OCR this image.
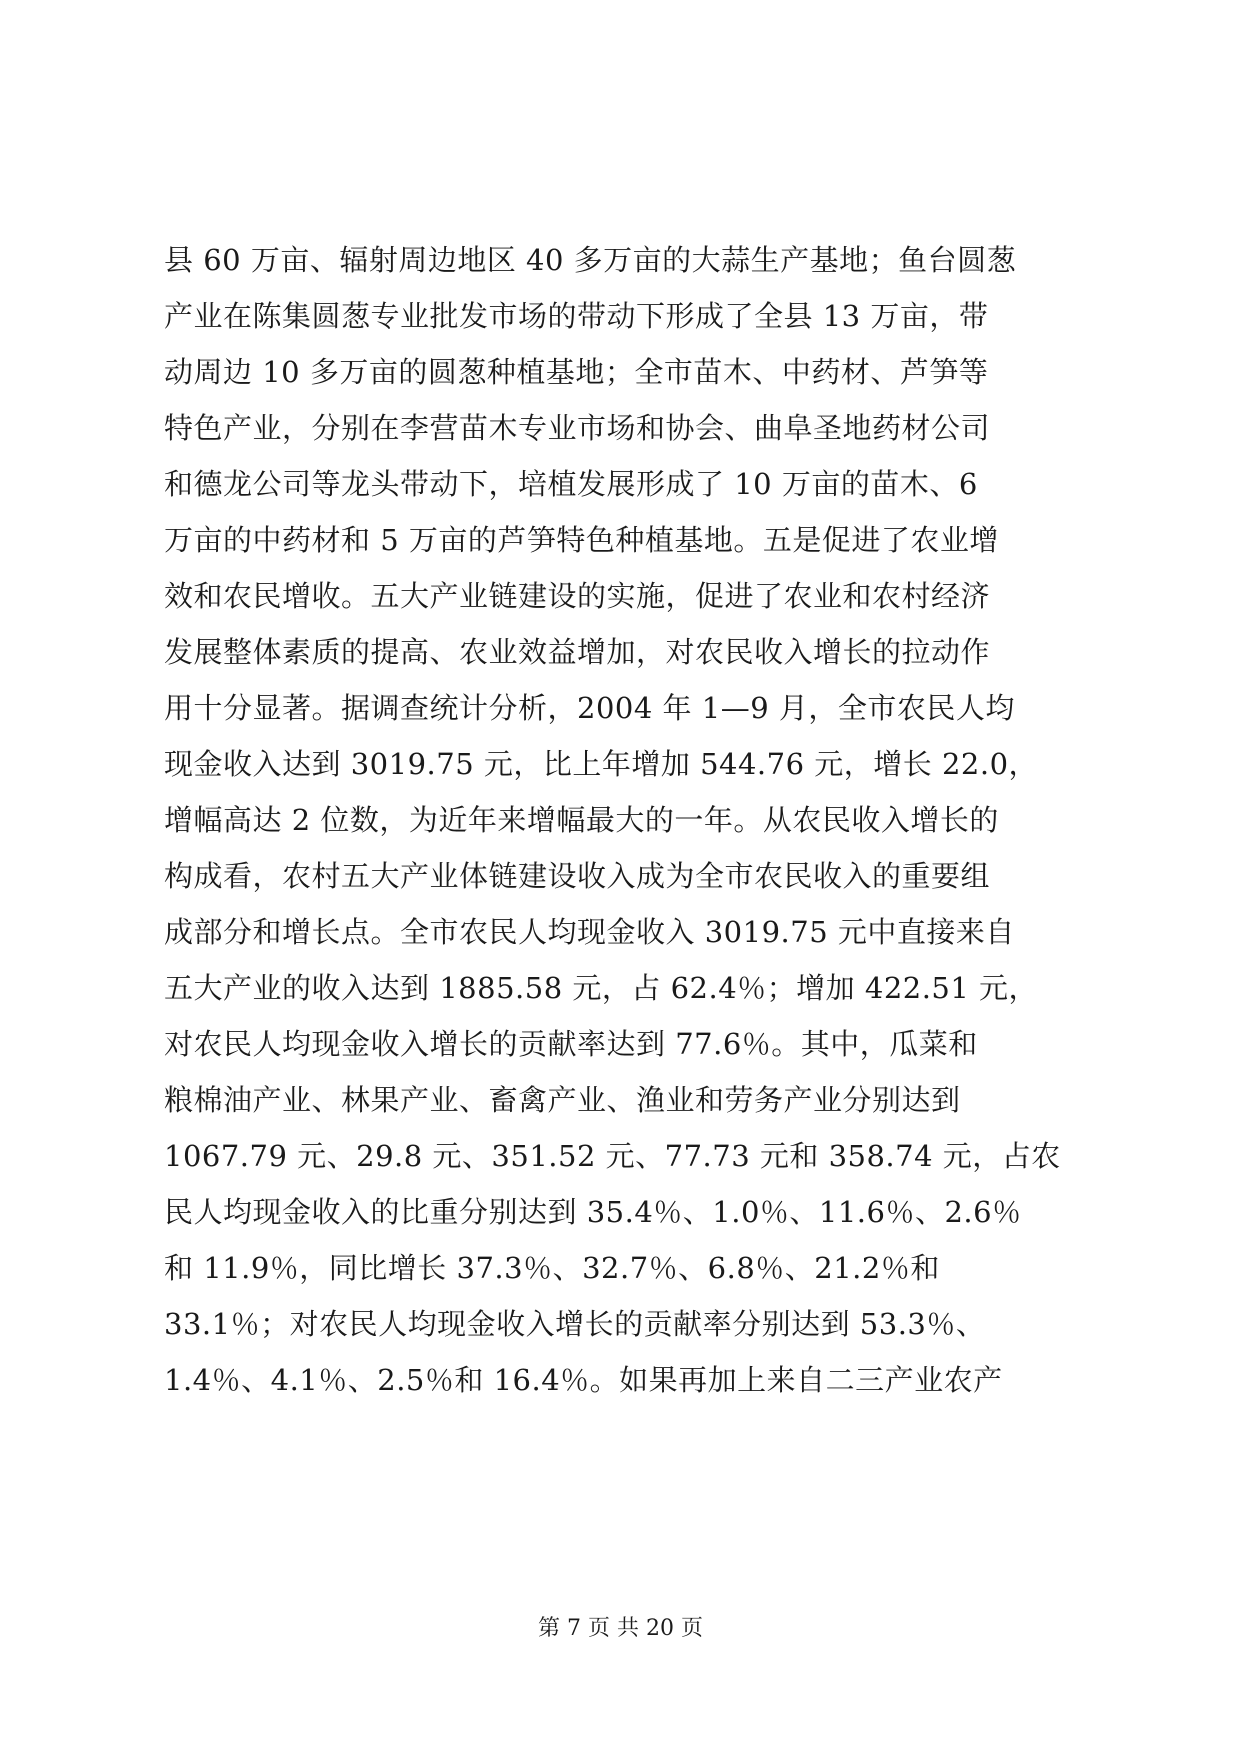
县 60 万亩、辐射周边地区 40 多万亩的大蒜生产基地；鱼台圆葱
产业在陈集圆葱专业批发市场的带动下形成了全县 13 万亩，带
动周边 10 多万亩的圆葱种植基地；全市苗木、中药材、芦笋等
特色产业，分别在李营苗木专业市场和协会、曲阜圣地药材公司
和德龙公司等龙头带动下，培植发展形成了 10 万亩的苗木、6
万亩的中药材和 5 万亩的芦笋特色种植基地。五是促进了农业增
效和农民增收。五大产业链建设的实施，促进了农业和农村经济
发展整体素质的提高、农业效益增加，对农民收入增长的拉动作
用十分显著。据调查统计分析，2004 年 1—9 月，全市农民人均
现金收入达到 3019.75 元，比上年增加 544.76 元，增长 22.0，
增幅高达 2 位数，为近年来增幅最大的一年。从农民收入增长的
构成看，农村五大产业体链建设收入成为全市农民收入的重要组
成部分和增长点。全市农民人均现金收入 3019.75 元中直接来自
五大产业的收入达到 1885.58 元，占 62.4％；增加 422.51 元，
对农民人均现金收入增长的贡献率达到 77.6％。其中，瓜菜和
粮棉油产业、林果产业、畜禽产业、渔业和劳务产业分别达到
1067.79 元、29.8 元、351.52 元、77.73 元和 358.74 元，占农
民人均现金收入的比重分别达到 35.4％、1.0％、11.6％、2.6％
和 11.9％，同比增长 37.3％、32.7％、6.8％、21.2％和
33.1％；对农民人均现金收入增长的贡献率分别达到 53.3％、
1.4％、4.1％、2.5％和 16.4％。如果再加上来自二三产业农产
第 7 页 共 20 页
